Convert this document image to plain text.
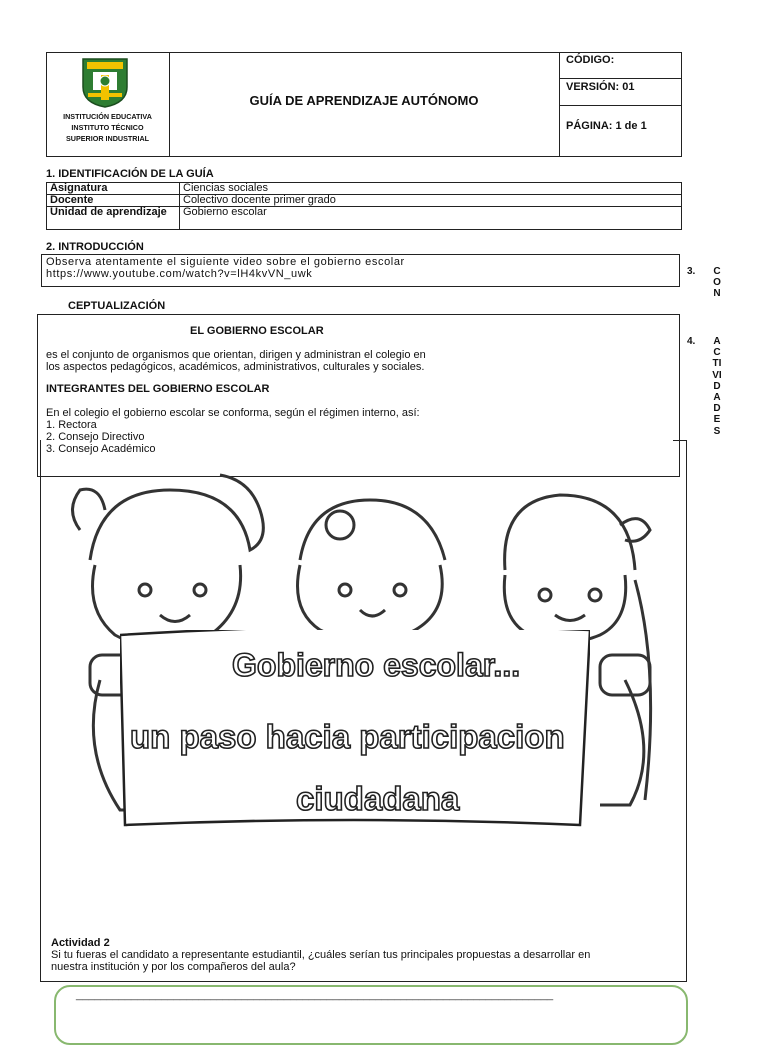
GUÍA DE APRENDIZAJE AUTÓNOMO
INSTITUCIÓN EDUCATIVA
INSTITUTO TÉCNICO
SUPERIOR INDUSTRIAL
CÓDIGO:
VERSIÓN: 01
PÁGINA: 1 de 1
1. IDENTIFICACIÓN DE LA GUÍA
Asignatura	Ciencias sociales
Docente	Colectivo docente primer grado
Unidad de aprendizaje	Gobierno escolar
2. INTRODUCCIÓN
Observa atentamente el siguiente video sobre el gobierno escolar
https://www.youtube.com/watch?v=lH4kvVN_uwk	3.	C
O
N
4.	A
C
TI
VI
D
A
D
E
S
CEPTUALIZACIÓN
EL GOBIERNO ESCOLAR
es el conjunto de organismos que orientan, dirigen y administran el colegio en
los aspectos pedagógicos, académicos, administrativos, culturales y sociales.
INTEGRANTES DEL GOBIERNO ESCOLAR
En el colegio el gobierno escolar se conforma, según el régimen interno, así:
1. Rectora
2. Consejo Directivo
3. Consejo Académico
Gobierno escolar...
un paso hacia participacion
ciudadana
Actividad 2
Si tu fueras el candidato a representante estudiantil, ¿cuáles serían tus principales propuestas a desarrollar en
nuestra institución y por los compañeros del aula?
______________________________________________________________________________
